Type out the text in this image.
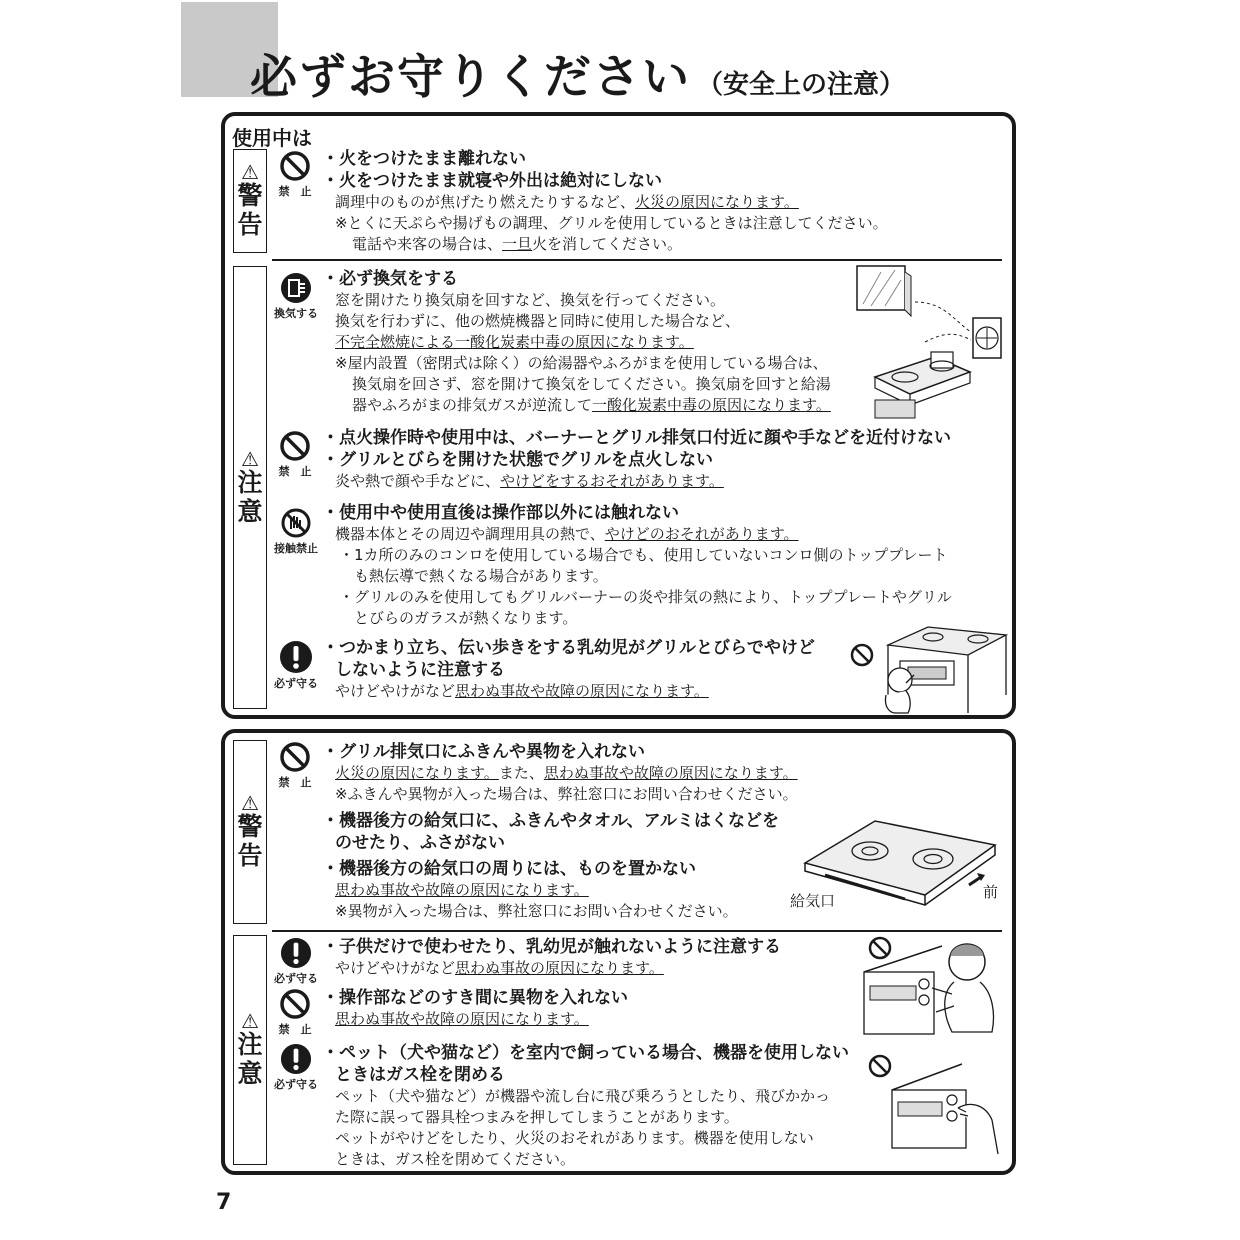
必ずお守りください （安全上の注意）
使用中は
⚠
警
告
⚠
注
意
禁　止
換気する
禁　止
接触禁止
必ず守る
・火をつけたまま離れない
・火をつけたまま就寝や外出は絶対にしない
調理中のものが焦げたり燃えたりするなど、火災の原因になります。
※とくに天ぷらや揚げもの調理、グリルを使用しているときは注意してください。
電話や来客の場合は、一旦火を消してください。
・必ず換気をする
窓を開けたり換気扇を回すなど、換気を行ってください。
換気を行わずに、他の燃焼機器と同時に使用した場合など、
不完全燃焼による一酸化炭素中毒の原因になります。
※屋内設置（密閉式は除く）の給湯器やふろがまを使用している場合は、
換気扇を回さず、窓を開けて換気をしてください。換気扇を回すと給湯
器やふろがまの排気ガスが逆流して一酸化炭素中毒の原因になります。
・点火操作時や使用中は、バーナーとグリル排気口付近に顔や手などを近付けない
・グリルとびらを開けた状態でグリルを点火しない
炎や熱で顔や手などに、やけどをするおそれがあります。
・使用中や使用直後は操作部以外には触れない
機器本体とその周辺や調理用具の熱で、やけどのおそれがあります。
・1カ所のみのコンロを使用している場合でも、使用していないコンロ側のトッププレート
も熱伝導で熱くなる場合があります。
・グリルのみを使用してもグリルバーナーの炎や排気の熱により、トッププレートやグリル
とびらのガラスが熱くなります。
・つかまり立ち、伝い歩きをする乳幼児がグリルとびらでやけど
しないように注意する
やけどやけがなど思わぬ事故や故障の原因になります。
⚠
警
告
⚠
注
意
禁　止
必ず守る
禁　止
必ず守る
・グリル排気口にふきんや異物を入れない
火災の原因になります。また、思わぬ事故や故障の原因になります。
※ふきんや異物が入った場合は、弊社窓口にお問い合わせください。
・機器後方の給気口に、ふきんやタオル、アルミはくなどを
のせたり、ふさがない
・機器後方の給気口の周りには、ものを置かない
思わぬ事故や故障の原因になります。
※異物が入った場合は、弊社窓口にお問い合わせください。
給気口	前
・子供だけで使わせたり、乳幼児が触れないように注意する
やけどやけがなど思わぬ事故の原因になります。
・操作部などのすき間に異物を入れない
思わぬ事故や故障の原因になります。
・ペット（犬や猫など）を室内で飼っている場合、機器を使用しない
ときはガス栓を閉める
ペット（犬や猫など）が機器や流し台に飛び乗ろうとしたり、飛びかかっ
た際に誤って器具栓つまみを押してしまうことがあります。
ペットがやけどをしたり、火災のおそれがあります。機器を使用しない
ときは、ガス栓を閉めてください。
7
